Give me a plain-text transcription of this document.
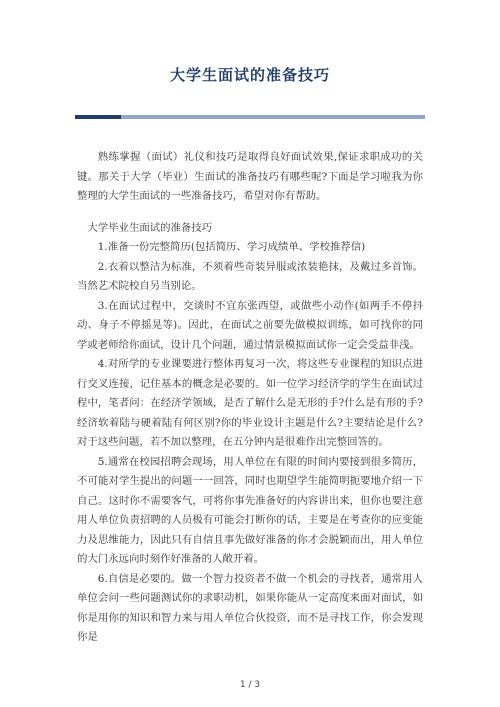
大学生面试的准备技巧

熟练掌握（面试）礼仪和技巧是取得良好面试效果,保证求职成功的关键。那关于大学（毕业）生面试的准备技巧有哪些呢?下面是学习啦我为你整理的大学生面试的一些准备技巧，希望对你有帮助。

大学毕业生面试的准备技巧

1.准备一份完整简历(包括简历、学习成绩单、学校推荐信)

2.衣着以整洁为标准，不须着些奇装异服或浓装艳抹，及戴过多首饰。当然艺术院校自另当别论。

3.在面试过程中，交谈时不宜东张西望，或做些小动作(如两手不停抖动、身子不停摇晃等)。因此，在面试之前要先做模拟训练，如可找你的同学或老师给你面试，设计几个问题，通过情景模拟面试你一定会受益非浅。

4.对所学的专业课要进行整体再复习一次，将这些专业课程的知识点进行交叉连接，记住基本的概念是必要的。如一位学习经济学的学生在面试过程中，笔者问：在经济学领域，是否了解什么是无形的手?什么是有形的手?经济软着陆与硬着陆有何区别?你的毕业设计主题是什么?主要结论是什么?对于这些问题，若不加以整理，在五分钟内是很难作出完整回答的。

5.通常在校园招聘会现场，用人单位在有限的时间内要接到很多简历，不可能对学生提出的问题一一回答，同时也期望学生能简明扼要地介绍一下自己。这时你不需要客气，可将你事先准备好的内容讲出来，但你也要注意用人单位负责招聘的人员极有可能会打断你的话，主要是在考查你的应变能力及思维能力，因此只有自信且事先做好准备的你才会脱颖而出，用人单位的大门永远向时刻作好准备的人敞开着。

6.自信是必要的。做一个智力投资者不做一个机会的寻找者，通常用人单位会问一些问题测试你的求职动机，如果你能从一定高度来面对面试，如你是用你的知识和智力来与用人单位合伙投资，而不是寻找工作，你会发现你是

1 / 3
